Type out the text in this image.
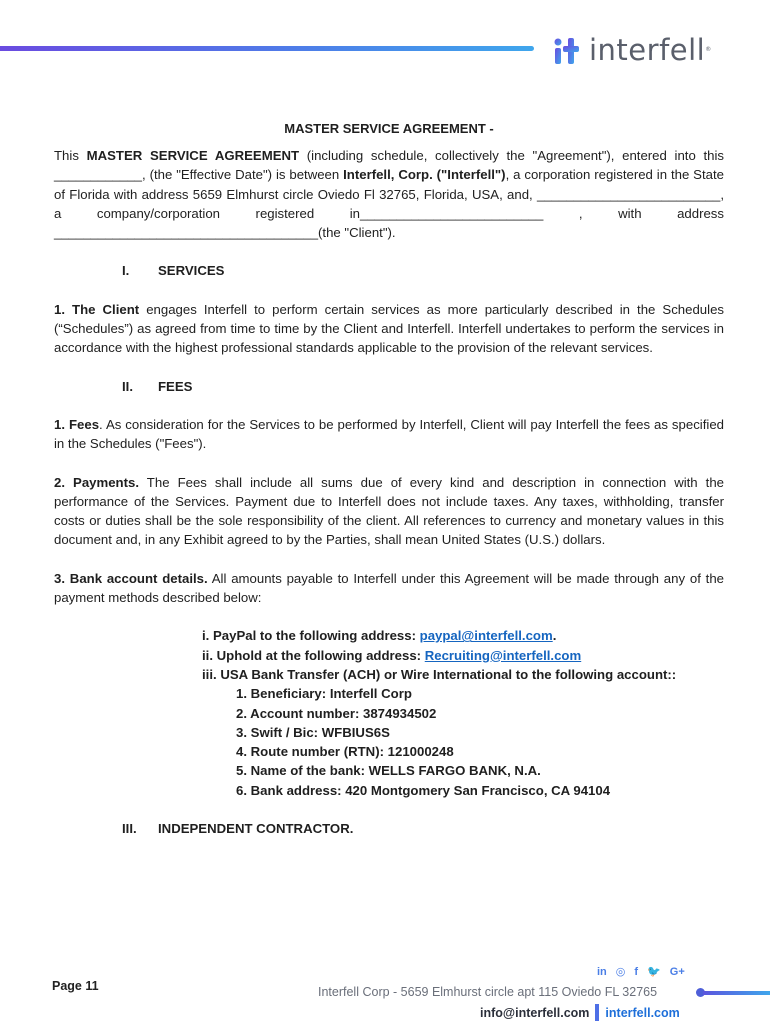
interfell®
MASTER SERVICE AGREEMENT -

This MASTER SERVICE AGREEMENT (including schedule, collectively the "Agreement"), entered into this ____________, (the "Effective Date") is between Interfell, Corp. ("Interfell"), a corporation registered in the State of Florida with address 5659 Elmhurst circle Oviedo Fl 32765, Florida, USA, and, _________________________, a company/corporation registered in_________________________ , with address ____________________________________(the "Client").

I.	SERVICES

1. The Client engages Interfell to perform certain services as more particularly described in the Schedules (“Schedules”) as agreed from time to time by the Client and Interfell. Interfell undertakes to perform the services in accordance with the highest professional standards applicable to the provision of the relevant services.

II.	FEES

1. Fees. As consideration for the Services to be performed by Interfell, Client will pay Interfell the fees as specified in the Schedules ("Fees").

2. Payments. The Fees shall include all sums due of every kind and description in connection with the performance of the Services. Payment due to Interfell does not include taxes. Any taxes, withholding, transfer costs or duties shall be the sole responsibility of the client. All references to currency and monetary values in this document and, in any Exhibit agreed to by the Parties, shall mean United States (U.S.) dollars.

3. Bank account details. All amounts payable to Interfell under this Agreement will be made through any of the payment methods described below:

i. PayPal to the following address: paypal@interfell.com.
ii. Uphold at the following address: Recruiting@interfell.com
iii. USA Bank Transfer (ACH) or Wire International to the following account::
1. Beneficiary: Interfell Corp
2. Account number: 3874934502
3. Swift / Bic: WFBIUS6S
4. Route number (RTN): 121000248
5. Name of the bank: WELLS FARGO BANK, N.A.
6. Bank address: 420 Montgomery San Francisco, CA 94104
III.	INDEPENDENT CONTRACTOR.
Page 11
in ◎ f 🐦 G+
Interfell Corp - 5659 Elmhurst circle apt 115 Oviedo FL 32765
info@interfell.com interfell.com
